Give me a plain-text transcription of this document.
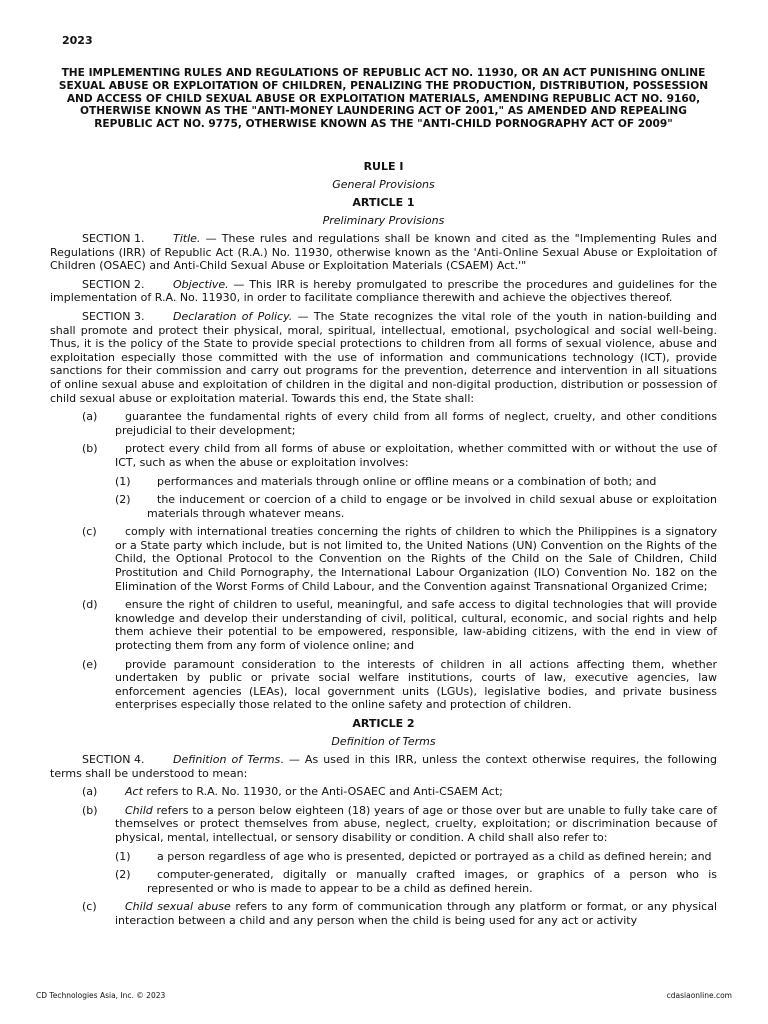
2023
THE IMPLEMENTING RULES AND REGULATIONS OF REPUBLIC ACT NO. 11930, OR AN ACT PUNISHING ONLINE SEXUAL ABUSE OR EXPLOITATION OF CHILDREN, PENALIZING THE PRODUCTION, DISTRIBUTION, POSSESSION AND ACCESS OF CHILD SEXUAL ABUSE OR EXPLOITATION MATERIALS, AMENDING REPUBLIC ACT NO. 9160, OTHERWISE KNOWN AS THE "ANTI-MONEY LAUNDERING ACT OF 2001," AS AMENDED AND REPEALING REPUBLIC ACT NO. 9775, OTHERWISE KNOWN AS THE "ANTI-CHILD PORNOGRAPHY ACT OF 2009"
RULE I
General Provisions
ARTICLE 1
Preliminary Provisions

SECTION 1.	Title. — These rules and regulations shall be known and cited as the "Implementing Rules and Regulations (IRR) of Republic Act (R.A.) No. 11930, otherwise known as the 'Anti-Online Sexual Abuse or Exploitation of Children (OSAEC) and Anti-Child Sexual Abuse or Exploitation Materials (CSAEM) Act.'"

SECTION 2.	Objective. — This IRR is hereby promulgated to prescribe the procedures and guidelines for the implementation of R.A. No. 11930, in order to facilitate compliance therewith and achieve the objectives thereof.

SECTION 3.	Declaration of Policy. — The State recognizes the vital role of the youth in nation-building and shall promote and protect their physical, moral, spiritual, intellectual, emotional, psychological and social well-being. Thus, it is the policy of the State to provide special protections to children from all forms of sexual violence, abuse and exploitation especially those committed with the use of information and communications technology (ICT), provide sanctions for their commission and carry out programs for the prevention, deterrence and intervention in all situations of online sexual abuse and exploitation of children in the digital and non-digital production, distribution or possession of child sexual abuse or exploitation material. Towards this end, the State shall:

(a)	guarantee the fundamental rights of every child from all forms of neglect, cruelty, and other conditions prejudicial to their development;
(b)	protect every child from all forms of abuse or exploitation, whether committed with or without the use of ICT, such as when the abuse or exploitation involves:
(1)	performances and materials through online or offline means or a combination of both; and
(2)	the inducement or coercion of a child to engage or be involved in child sexual abuse or exploitation materials through whatever means.
(c)	comply with international treaties concerning the rights of children to which the Philippines is a signatory or a State party which include, but is not limited to, the United Nations (UN) Convention on the Rights of the Child, the Optional Protocol to the Convention on the Rights of the Child on the Sale of Children, Child Prostitution and Child Pornography, the International Labour Organization (ILO) Convention No. 182 on the Elimination of the Worst Forms of Child Labour, and the Convention against Transnational Organized Crime;
(d)	ensure the right of children to useful, meaningful, and safe access to digital technologies that will provide knowledge and develop their understanding of civil, political, cultural, economic, and social rights and help them achieve their potential to be empowered, responsible, law-abiding citizens, with the end in view of protecting them from any form of violence online; and
(e)	provide paramount consideration to the interests of children in all actions affecting them, whether undertaken by public or private social welfare institutions, courts of law, executive agencies, law enforcement agencies (LEAs), local government units (LGUs), legislative bodies, and private business enterprises especially those related to the online safety and protection of children.
ARTICLE 2
Definition of Terms

SECTION 4.	Definition of Terms. — As used in this IRR, unless the context otherwise requires, the following terms shall be understood to mean:

(a)	Act refers to R.A. No. 11930, or the Anti-OSAEC and Anti-CSAEM Act;
(b)	Child refers to a person below eighteen (18) years of age or those over but are unable to fully take care of themselves or protect themselves from abuse, neglect, cruelty, exploitation; or discrimination because of physical, mental, intellectual, or sensory disability or condition. A child shall also refer to:
(1)	a person regardless of age who is presented, depicted or portrayed as a child as defined herein; and
(2)	computer-generated, digitally or manually crafted images, or graphics of a person who is represented or who is made to appear to be a child as defined herein.
(c)	Child sexual abuse refers to any form of communication through any platform or format, or any physical interaction between a child and any person when the child is being used for any act or activity
CD Technologies Asia, Inc. © 2023	cdasiaonline.com
